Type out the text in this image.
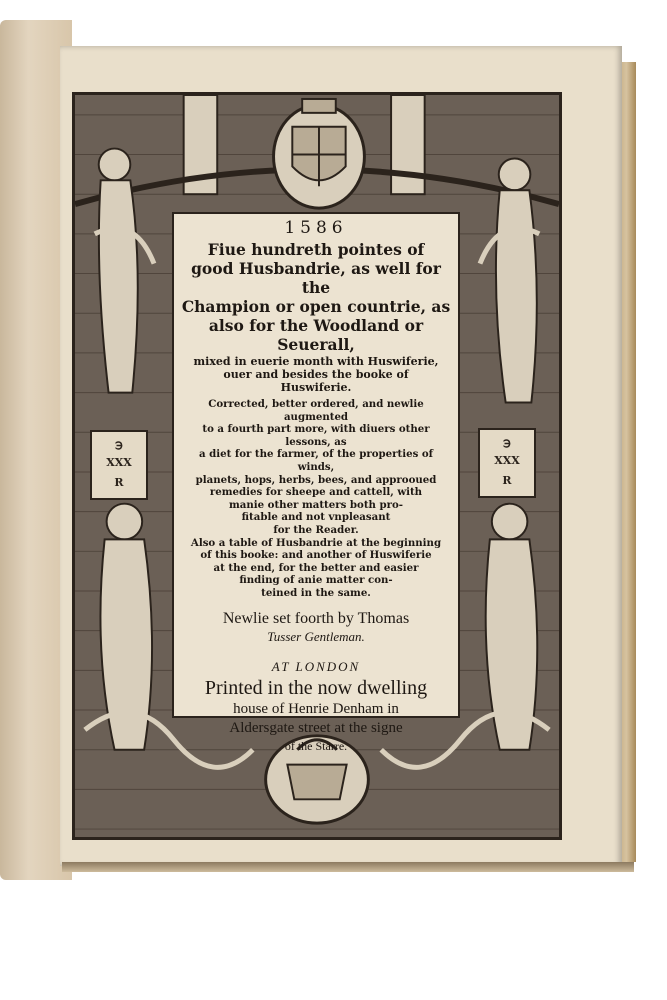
℈
ⅩⅩⅩ
R
℈
ⅩⅩⅩ
R
1586
Fiue hundreth pointes of
good Husbandrie, as well for the
Champion or open countrie, as
also for the Woodland or Seuerall,
mixed in euerie month with Huswiferie,
ouer and besides the booke of
Huswiferie.
Corrected, better ordered, and newlie augmented
to a fourth part more, with diuers other lessons, as
a diet for the farmer, of the properties of winds,
planets, hops, herbs, bees, and approoued
remedies for sheepe and cattell, with
manie other matters both pro-
fitable and not vnpleasant
for the Reader.
Also a table of Husbandrie at the beginning
of this booke: and another of Huswiferie
at the end, for the better and easier
finding of anie matter con-
teined in the same.
Newlie set foorth by Thomas
Tusser Gentleman.
AT LONDON
Printed in the now dwelling
house of Henrie Denham in
Aldersgate street at the signe
of the Starre.
